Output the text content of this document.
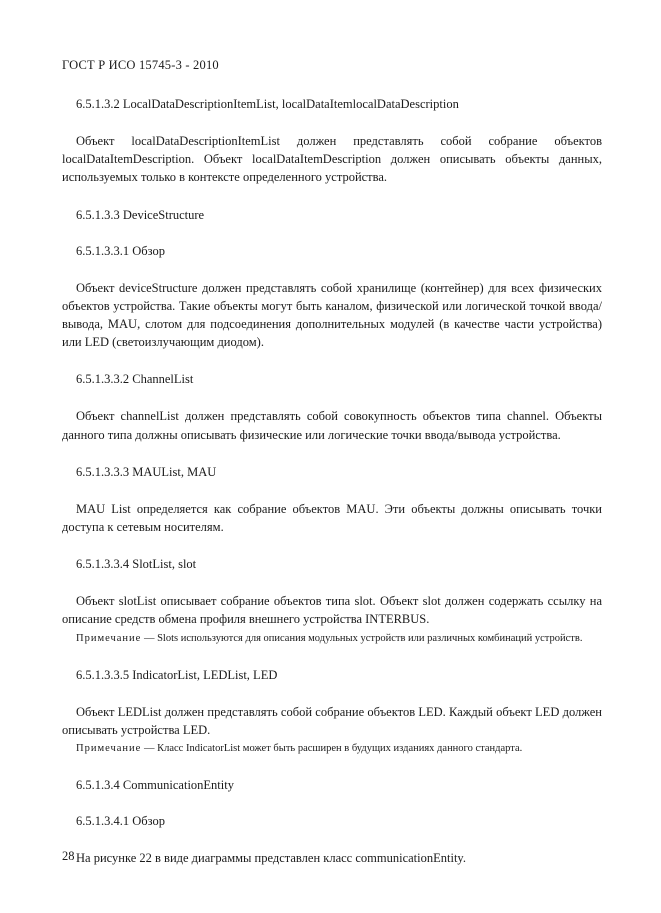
ГОСТ Р ИСО 15745-3 - 2010
6.5.1.3.2 LocalDataDescriptionItemList, localDataItemlocalDataDescription

Объект localDataDescriptionItemList должен представлять собой собрание объектов localDataItemDescription. Объект localDataItemDescription должен описывать объекты данных, используемых только в контексте определенного устройства.

6.5.1.3.3 DeviceStructure
6.5.1.3.3.1 Обзор

Объект deviceStructure должен представлять собой хранилище (контейнер) для всех физических объектов устройства. Такие объекты могут быть каналом, физической или логической точкой ввода/вывода, MAU, слотом для подсоединения дополнительных модулей (в качестве части устройства) или LED (светоизлучающим диодом).

6.5.1.3.3.2 ChannelList

Объект channelList должен представлять собой совокупность объектов типа channel. Объекты данного типа должны описывать физические или логические точки ввода/вывода устройства.

6.5.1.3.3.3 MAUList, MAU

MAU List определяется как собрание объектов MAU. Эти объекты должны описывать точки доступа к сетевым носителям.

6.5.1.3.3.4 SlotList, slot

Объект slotList описывает собрание объектов типа slot. Объект slot должен содержать ссылку на описание средств обмена профиля внешнего устройства INTERBUS.

Примечание — Slots используются для описания модульных устройств или различных комбинаций устройств.

6.5.1.3.3.5 IndicatorList, LEDList, LED

Объект LEDList должен представлять собой собрание объектов LED. Каждый объект LED должен описывать устройства LED.

Примечание — Класс IndicatorList может быть расширен в будущих изданиях данного стандарта.

6.5.1.3.4 CommunicationEntity
6.5.1.3.4.1 Обзор

На рисунке 22 в виде диаграммы представлен класс communicationEntity.

28
